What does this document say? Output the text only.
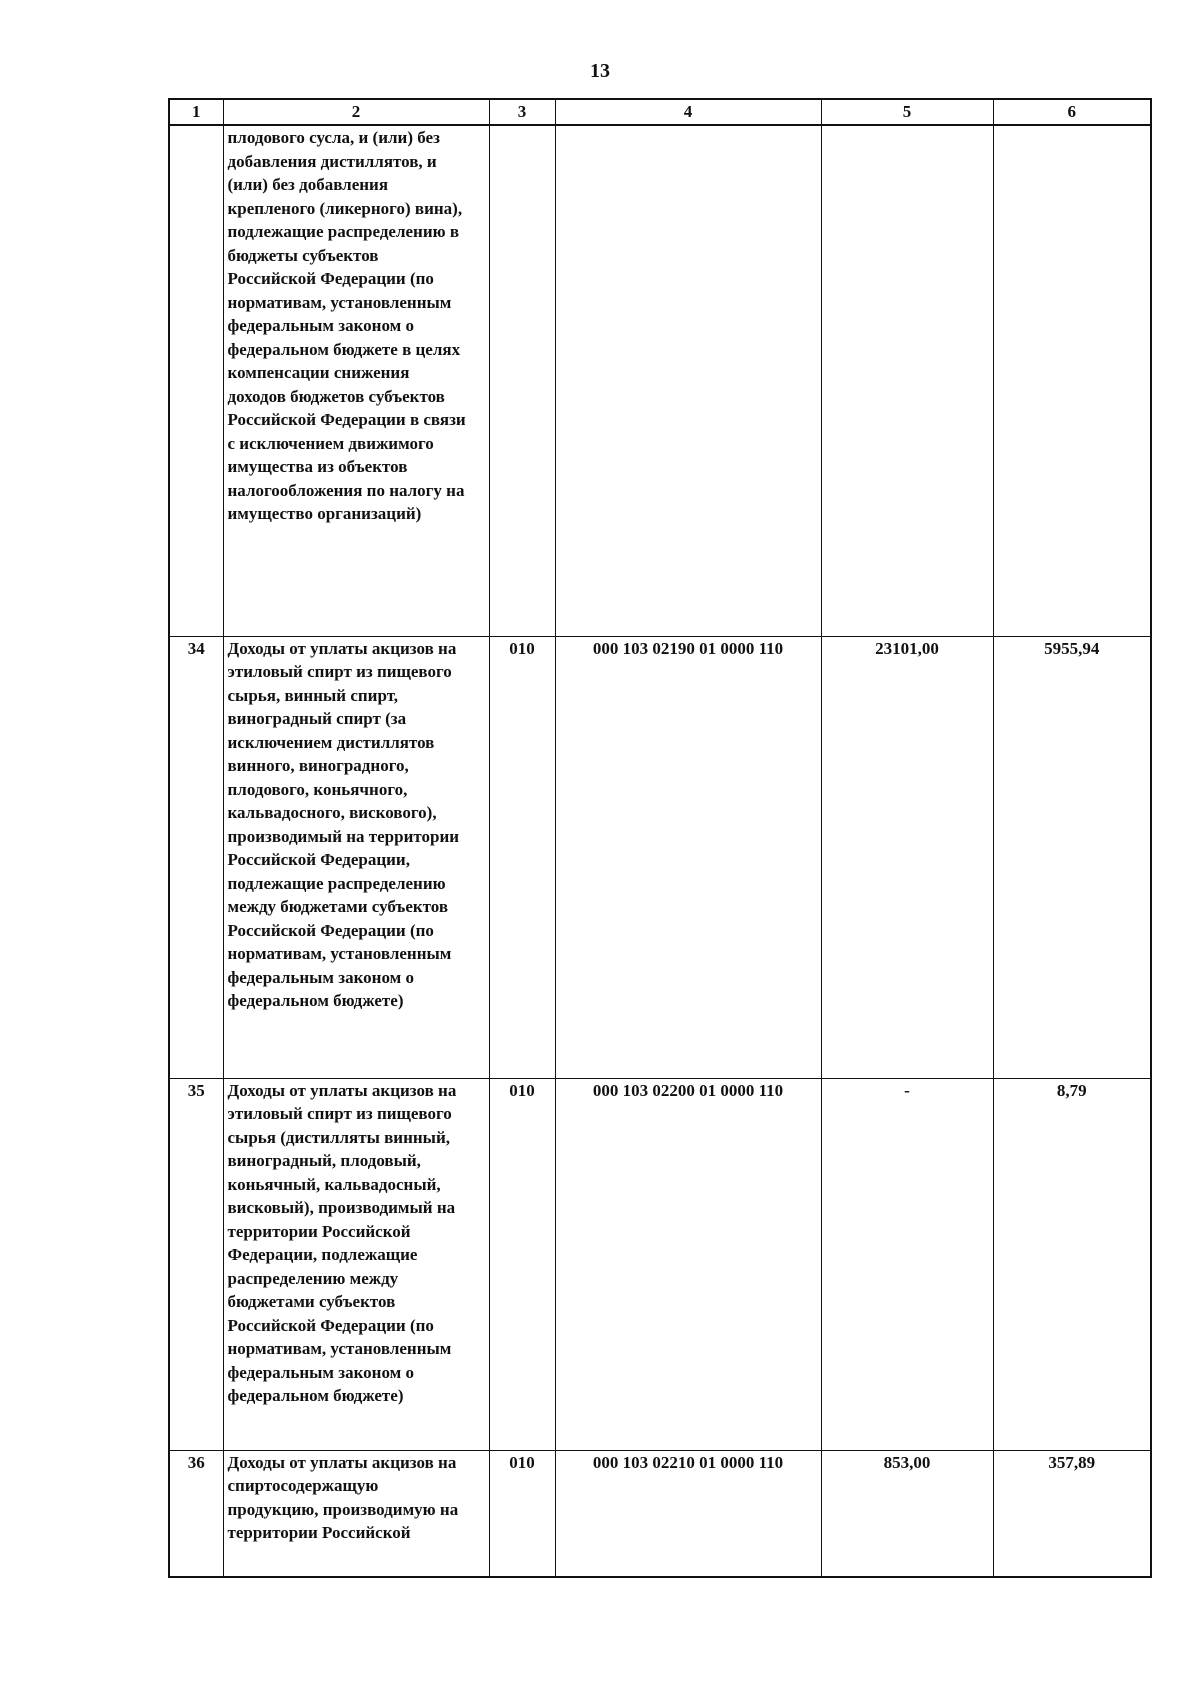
13
1	2	3	4	5	6

	плодового сусла, и (или) без добавления дистиллятов, и (или) без добавления крепленого (ликерного) вина), подлежащие распределению в бюджеты субъектов Российской Федерации (по нормативам, установленным федеральным законом о федеральном бюджете в целях компенсации снижения доходов бюджетов субъектов Российской Федерации в связи с исключением движимого имущества из объектов налогообложения по налогу на имущество организаций)				

34	Доходы от уплаты акцизов на этиловый спирт из пищевого сырья, винный спирт, виноградный спирт (за исключением дистиллятов винного, виноградного, плодового, коньячного, кальвадосного, вискового), производимый на территории Российской Федерации, подлежащие распределению между бюджетами субъектов Российской Федерации (по нормативам, установленным федеральным законом о федеральном бюджете)	010	000 103 02190 01 0000 110	23101,00	5955,94
35	Доходы от уплаты акцизов на этиловый спирт из пищевого сырья (дистилляты винный, виноградный, плодовый, коньячный, кальвадосный, висковый), производимый на территории Российской Федерации, подлежащие распределению между бюджетами субъектов Российской Федерации (по нормативам, установленным федеральным законом о федеральном бюджете)	010	000 103 02200 01 0000 110	-	8,79
36	Доходы от уплаты акцизов на спиртосодержащую продукцию, производимую на территории Российской	010	000 103 02210 01 0000 110	853,00	357,89
